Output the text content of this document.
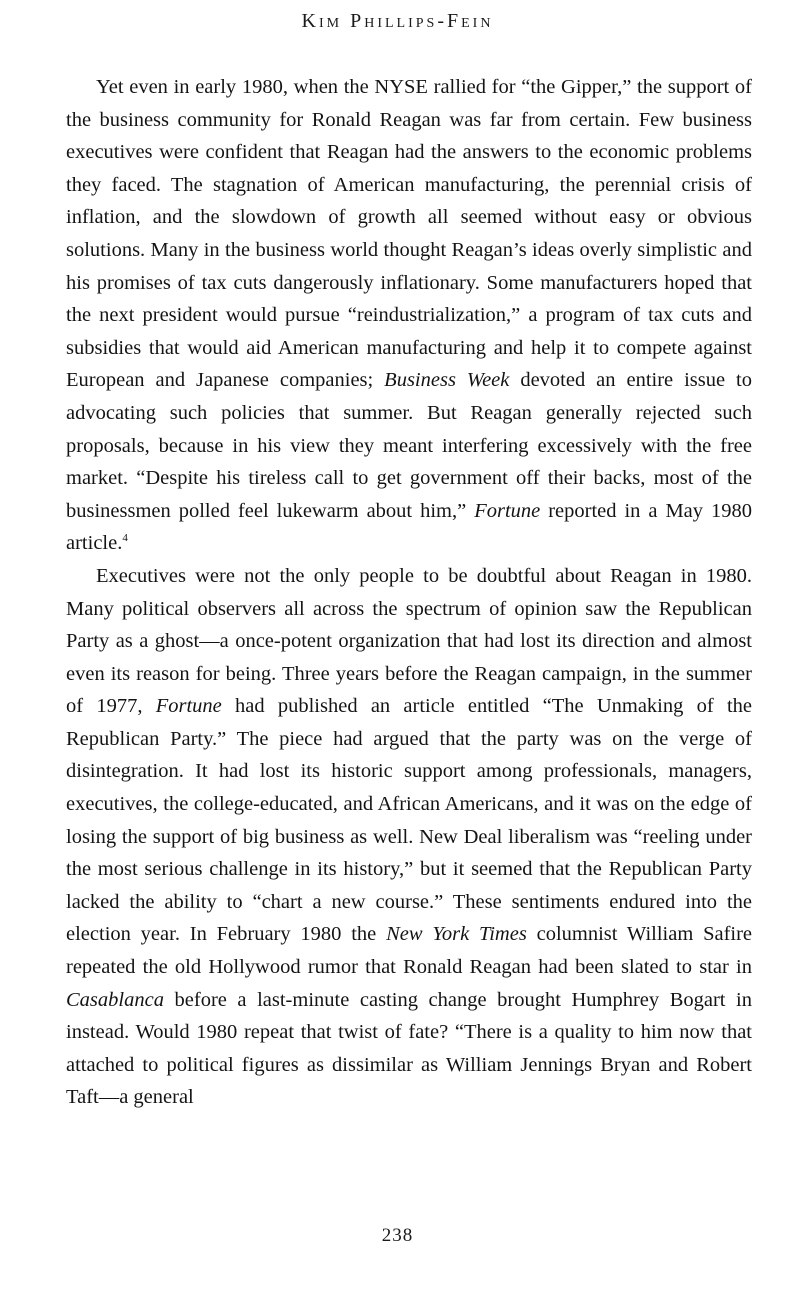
Kim Phillips-Fein

Yet even in early 1980, when the NYSE rallied for “the Gipper,” the support of the business community for Ronald Reagan was far from certain. Few business executives were confident that Reagan had the answers to the economic problems they faced. The stagnation of American manufacturing, the perennial crisis of inflation, and the slowdown of growth all seemed without easy or obvious solutions. Many in the business world thought Reagan’s ideas overly simplistic and his promises of tax cuts dangerously inflationary. Some manufacturers hoped that the next president would pursue “reindustrialization,” a program of tax cuts and subsidies that would aid American manufacturing and help it to compete against European and Japanese companies; Business Week devoted an entire issue to advocating such policies that summer. But Reagan generally rejected such proposals, because in his view they meant interfering excessively with the free market. “Despite his tireless call to get government off their backs, most of the businessmen polled feel lukewarm about him,” Fortune reported in a May 1980 article.$^4$

Executives were not the only people to be doubtful about Reagan in 1980. Many political observers all across the spectrum of opinion saw the Republican Party as a ghost—a once-potent organization that had lost its direction and almost even its reason for being. Three years before the Reagan campaign, in the summer of 1977, Fortune had published an article entitled “The Unmaking of the Republican Party.” The piece had argued that the party was on the verge of disintegration. It had lost its historic support among professionals, managers, executives, the college-educated, and African Americans, and it was on the edge of losing the support of big business as well. New Deal liberalism was “reeling under the most serious challenge in its history,” but it seemed that the Republican Party lacked the ability to “chart a new course.” These sentiments endured into the election year. In February 1980 the New York Times columnist William Safire repeated the old Hollywood rumor that Ronald Reagan had been slated to star in Casablanca before a last-minute casting change brought Humphrey Bogart in instead. Would 1980 repeat that twist of fate? “There is a quality to him now that attached to political figures as dissimilar as William Jennings Bryan and Robert Taft—a general

238
